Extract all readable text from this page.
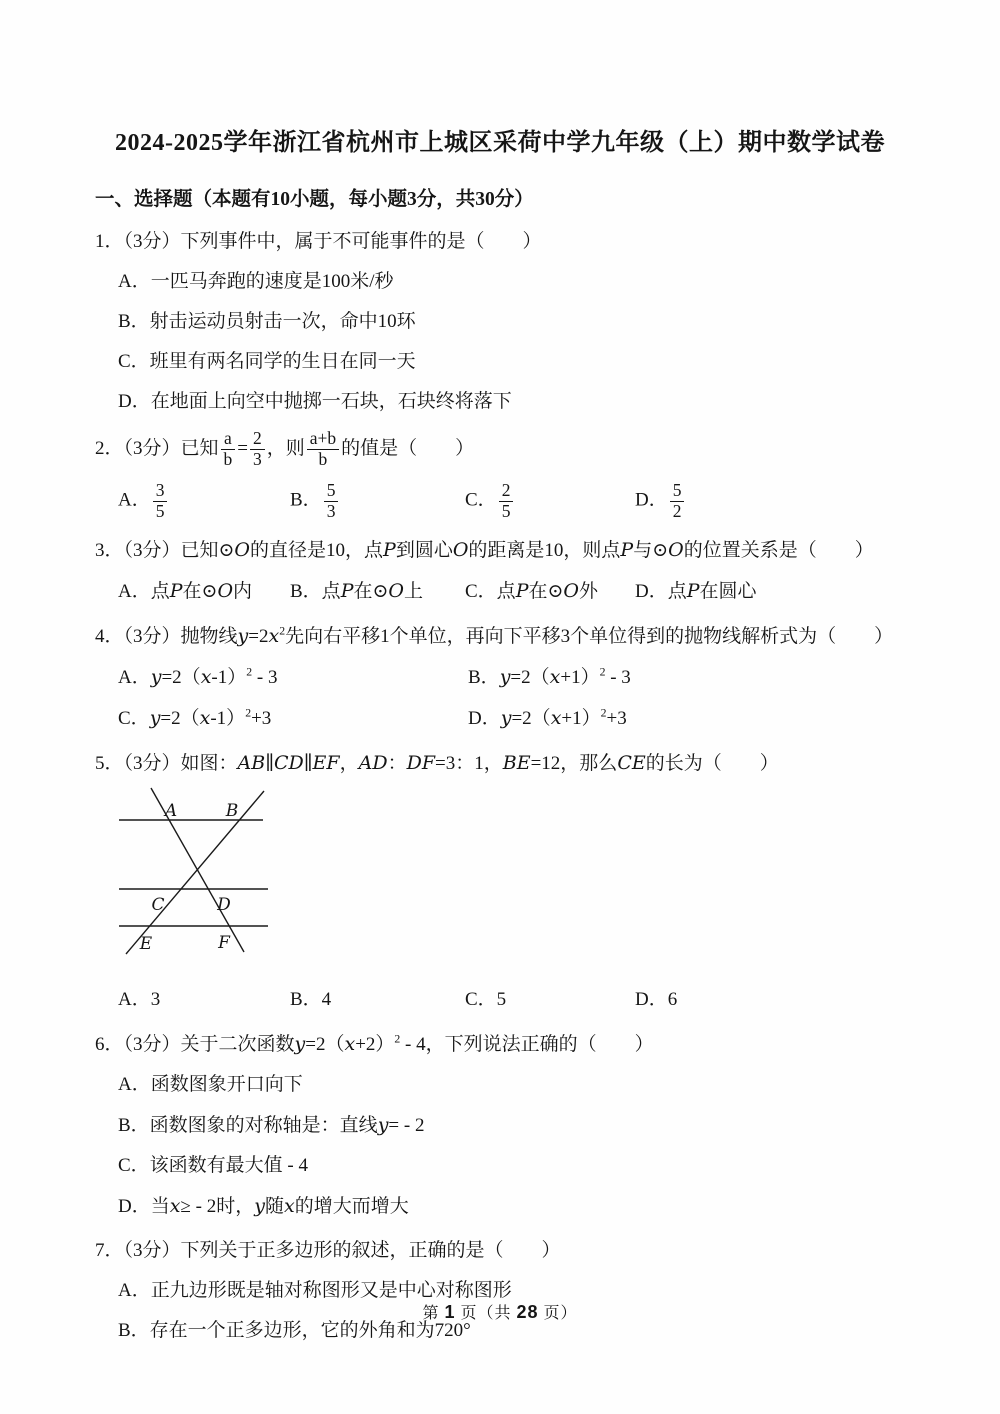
2024-2025学年浙江省杭州市上城区采荷中学九年级（上）期中数学试卷
一、选择题（本题有10小题，每小题3分，共30分）
1．（3分）下列事件中，属于不可能事件的是（　　）
A．一匹马奔跑的速度是100米/秒
B．射击运动员射击一次，命中10环
C．班里有两名同学的生日在同一天
D．在地面上向空中抛掷一石块，石块终将落下
2．（3分）已知 $\frac{a}{b} = \frac{2}{3}$ ，则 $\frac{a+b}{b}$ 的值是（　　）
A． $\frac{3}{5}$	B． $\frac{5}{3}$	C． $\frac{2}{5}$	D． $\frac{5}{2}$
3．（3分）已知⊙O的直径是10，点P到圆心O的距离是10，则点P与⊙O的位置关系是（　　）
A．点P在⊙O内	B．点P在⊙O上	C．点P在⊙O外	D．点P在圆心
4．（3分）抛物线$y=2x^2$先向右平移1个单位，再向下平移3个单位得到的抛物线解析式为（　　）
A．$y=2(x-1)^2 - 3$	B．$y=2(x+1)^2 - 3$
C．$y=2(x-1)^2+3$	D．$y=2(x+1)^2+3$
5．（3分）如图：AB∥CD∥EF，AD：DF=3：1，BE=12，那么CE的长为（　　）
A	B
C	D
E	F
A．3	B．4	C．5	D．6
6．（3分）关于二次函数$y=2(x+2)^2 - 4$，下列说法正确的（　　）
A．函数图象开口向下
B．函数图象的对称轴是：直线y= - 2
C．该函数有最大值 - 4
D．当x≥ - 2时，y随x的增大而增大
7．（3分）下列关于正多边形的叙述，正确的是（　　）
A．正九边形既是轴对称图形又是中心对称图形
B．存在一个正多边形，它的外角和为720°
第 1 页（共 28 页）
